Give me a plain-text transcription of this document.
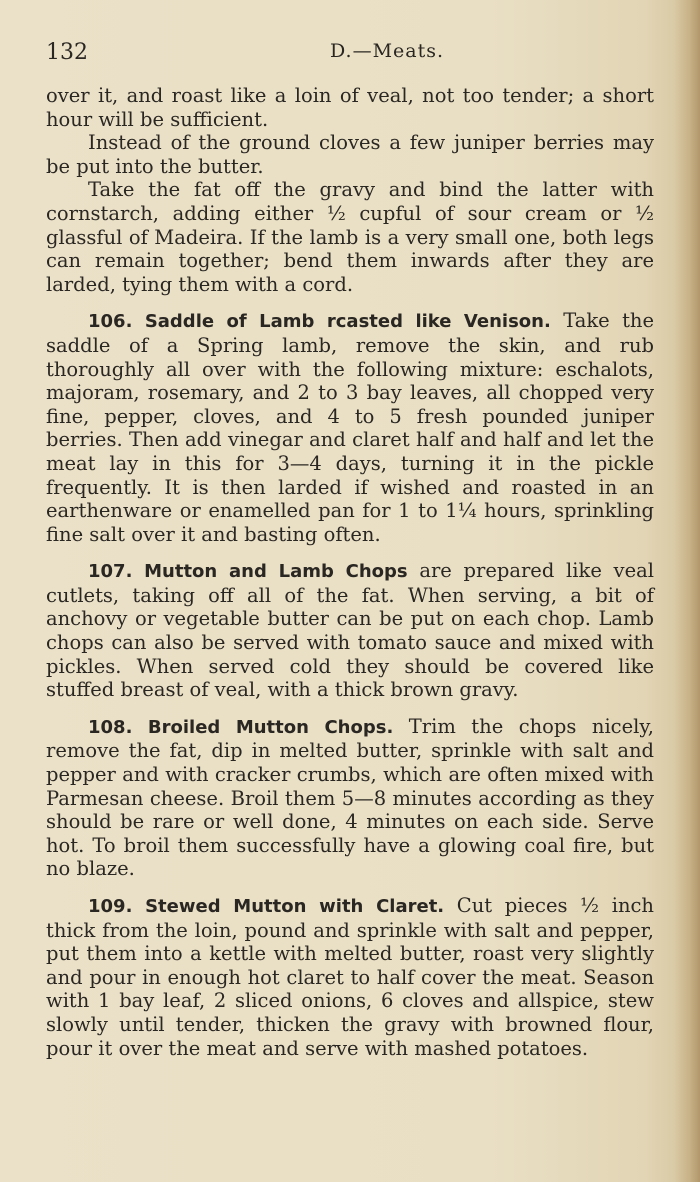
132	D.—Meats.

over it, and roast like a loin of veal, not too tender; a short hour will be sufficient.

Instead of the ground cloves a few juniper berries may be put into the butter.

Take the fat off the gravy and bind the latter with cornstarch, adding either ½ cupful of sour cream or ½ glassful of Madeira. If the lamb is a very small one, both legs can remain together; bend them inwards after they are larded, tying them with a cord.

106. Saddle of Lamb rcasted like Venison. Take the saddle of a Spring lamb, remove the skin, and rub thoroughly all over with the following mixture: eschalots, majoram, rosemary, and 2 to 3 bay leaves, all chopped very fine, pepper, cloves, and 4 to 5 fresh pounded juniper berries. Then add vinegar and claret half and half and let the meat lay in this for 3—4 days, turning it in the pickle frequently. It is then larded if wished and roasted in an earthenware or enamelled pan for 1 to 1¼ hours, sprinkling fine salt over it and basting often.

107. Mutton and Lamb Chops are prepared like veal cutlets, taking off all of the fat. When serving, a bit of anchovy or vegetable butter can be put on each chop. Lamb chops can also be served with tomato sauce and mixed with pickles. When served cold they should be covered like stuffed breast of veal, with a thick brown gravy.

108. Broiled Mutton Chops. Trim the chops nicely, remove the fat, dip in melted butter, sprinkle with salt and pepper and with cracker crumbs, which are often mixed with Parmesan cheese. Broil them 5—8 minutes according as they should be rare or well done, 4 minutes on each side. Serve hot. To broil them successfully have a glowing coal fire, but no blaze.

109. Stewed Mutton with Claret. Cut pieces ½ inch thick from the loin, pound and sprinkle with salt and pepper, put them into a kettle with melted butter, roast very slightly and pour in enough hot claret to half cover the meat. Season with 1 bay leaf, 2 sliced onions, 6 cloves and allspice, stew slowly until tender, thicken the gravy with browned flour, pour it over the meat and serve with mashed potatoes.
